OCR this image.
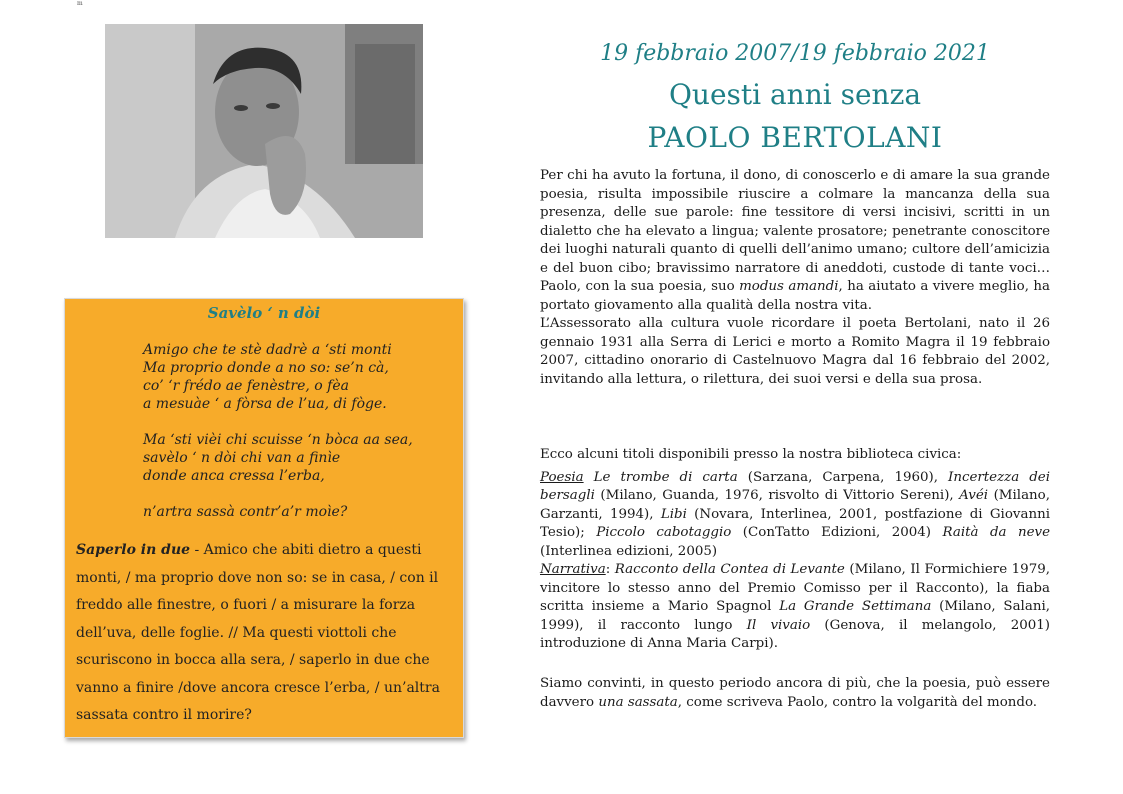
m
Savèlo ‘ n dòi
Amigo che te stè dadrè a ‘sti monti
Ma proprio donde a no so: se’n cà,
co’ ‘r frédo ae fenèstre, o fèa
a mesuàe ‘ a fòrsa de l’ua, di fòge.

Ma ‘sti vièi chi scuisse ‘n bòca aa sea,
savèlo ‘ n dòi chi van a finìe
donde anca cressa l’erba,

n’artra sassà contr’a’r moìe?
Saperlo in due - Amico che abiti dietro a questi monti, / ma proprio dove non so: se in casa, / con il freddo alle finestre, o fuori / a misurare la forza dell’uva, delle foglie. // Ma questi viottoli che scuriscono in bocca alla sera, / saperlo in due che vanno a finire /dove ancora cresce l’erba, / un’altra sassata contro il morire?
19 febbraio 2007/19 febbraio 2021
Questi anni senza
PAOLO BERTOLANI

Per chi ha avuto la fortuna, il dono, di conoscerlo e di amare la sua grande poesia, risulta impossibile riuscire a colmare la mancanza della sua presenza, delle sue parole: fine tessitore di versi incisivi, scritti in un dialetto che ha elevato a lingua; valente prosatore; penetrante conoscitore dei luoghi naturali quanto di quelli dell’animo umano; cultore dell’amicizia e del buon cibo; bravissimo narratore di aneddoti, custode di tante voci… Paolo, con la sua poesia, suo modus amandi, ha aiutato a vivere meglio, ha portato giovamento alla qualità della nostra vita.

L’Assessorato alla cultura vuole ricordare il poeta Bertolani, nato il 26 gennaio 1931 alla Serra di Lerici e morto a Romito Magra il 19 febbraio 2007, cittadino onorario di Castelnuovo Magra dal 16 febbraio del 2002, invitando alla lettura, o rilettura, dei suoi versi e della sua prosa.

Ecco alcuni titoli disponibili presso la nostra biblioteca civica:

Poesia Le trombe di carta (Sarzana, Carpena, 1960), Incertezza dei bersagli (Milano, Guanda, 1976, risvolto di Vittorio Sereni), Avéi (Milano, Garzanti, 1994), Libi (Novara, Interlinea, 2001, postfazione di Giovanni Tesio); Piccolo cabotaggio (ConTatto Edizioni, 2004) Raità da neve (Interlinea edizioni, 2005)

Narrativa: Racconto della Contea di Levante (Milano, Il Formichiere 1979, vincitore lo stesso anno del Premio Comisso per il Racconto), la fiaba scritta insieme a Mario Spagnol La Grande Settimana (Milano, Salani, 1999), il racconto lungo Il vivaio (Genova, il melangolo, 2001) introduzione di Anna Maria Carpi).

Siamo convinti, in questo periodo ancora di più, che la poesia, può essere davvero una sassata, come scriveva Paolo, contro la volgarità del mondo.
